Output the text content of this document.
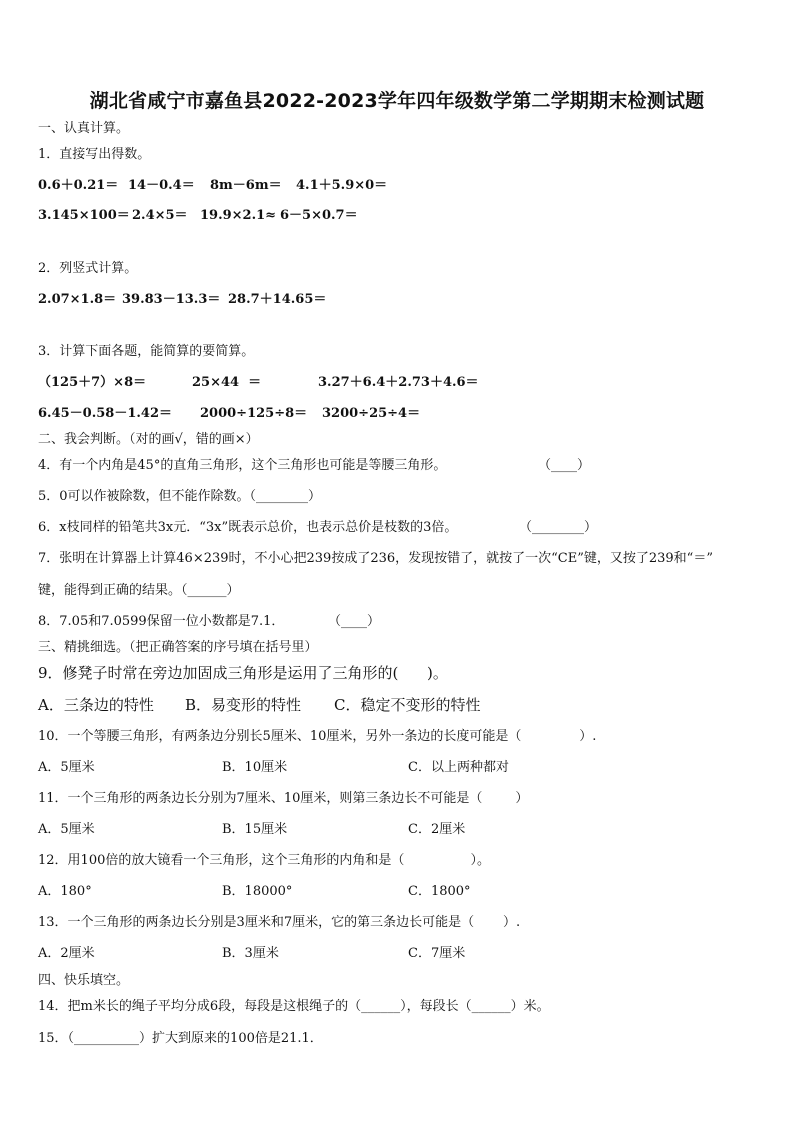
湖北省咸宁市嘉鱼县2022-2023学年四年级数学第二学期期末检测试题
一、认真计算。
1．直接写出得数。
0.6＋0.21＝ 14－0.4＝ 8m－6m＝ 4.1＋5.9×0＝
3.145×100＝ 2.4×5＝ 19.9×2.1≈ 6－5×0.7＝
2．列竖式计算。
2.07×1.8＝ 39.83－13.3＝ 28.7＋14.65＝
3．计算下面各题，能简算的要简算。
（125＋7）×8＝	25×44  ＝	3.27＋6.4＋2.73＋4.6＝
6.45－0.58－1.42＝ 2000÷125÷8＝ 3200÷25÷4＝
二、我会判断。（对的画√，错的画×）
4．有一个内角是45°的直角三角形，这个三角形也可能是等腰三角形。	（____）
5．0可以作被除数，但不能作除数。（________）
6．x枝同样的铅笔共3x元．“3x”既表示总价，也表示总价是枝数的3倍。	（________）
7．张明在计算器上计算46×239时，不小心把239按成了236，发现按错了，就按了一次“CE”键，又按了239和“＝”
键，能得到正确的结果。（______）
8．7.05和7.0599保留一位小数都是7.1．	（____）
三、精挑细选。（把正确答案的序号填在括号里）
9．修凳子时常在旁边加固成三角形是运用了三角形的(      )。
A．三条边的特性 B．易变形的特性 C．稳定不变形的特性
10．一个等腰三角形，有两条边分别长5厘米、10厘米，另外一条边的长度可能是（              ）.
A．5厘米	B．10厘米	C．以上两种都对
11．一个三角形的两条边长分别为7厘米、10厘米，则第三条边长不可能是（        ）
A．5厘米	B．15厘米	C．2厘米
12．用100倍的放大镜看一个三角形，这个三角形的内角和是（                ）。
A．180°	B．18000°	C．1800°
13．一个三角形的两条边长分别是3厘米和7厘米，它的第三条边长可能是（       ）.
A．2厘米	B．3厘米	C．7厘米
四、快乐填空。
14．把m米长的绳子平均分成6段，每段是这根绳子的（______），每段长（______）米。
15．（__________）扩大到原来的100倍是21.1．
